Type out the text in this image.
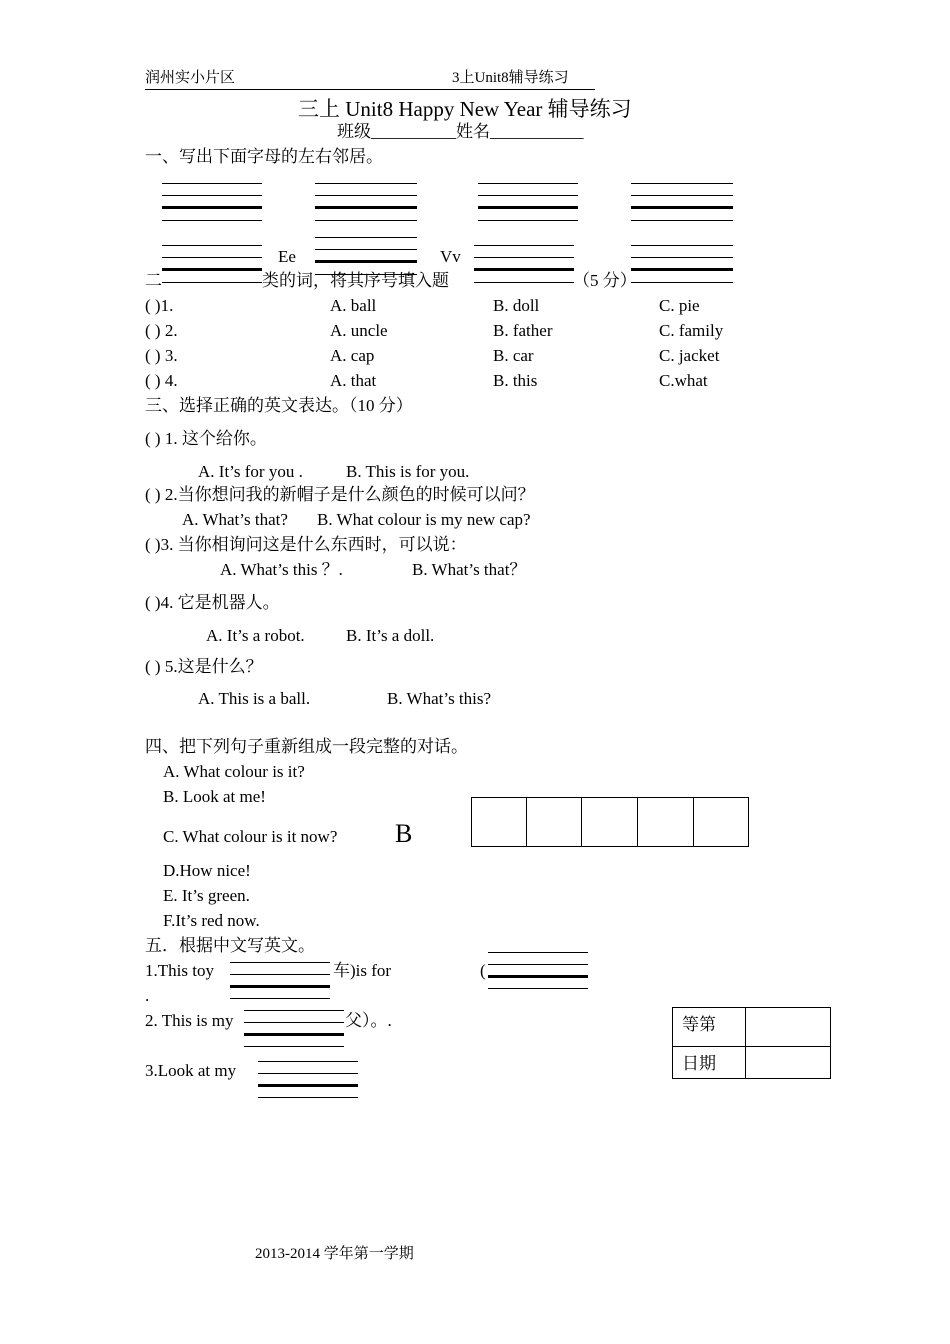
润州实小片区	3上Unit8辅导练习
三上 Unit8 Happy New Year 辅导练习
班级__________姓名___________
一、写出下面字母的左右邻居。
Ee	Vv
二	类的词，将其序号填入题	（5 分）
( )1.	A. ball	B. doll	C. pie
( ) 2.	A. uncle	B. father	C. family
( ) 3.	A. cap	B. car	C. jacket
( ) 4.	A. that	B. this	C.what
三、选择正确的英文表达。（10 分）
( ) 1. 这个给你。
A. It’s for you .	B. This is for you.
( ) 2.当你想问我的新帽子是什么颜色的时候可以问？
A. What’s that? B. What colour is my new cap?
( )3. 当你相询问这是什么东西时，可以说：
A. What’s this ？.	B. What’s that？
( )4. 它是机器人。
A. It’s a robot. B. It’s a doll.
( ) 5.这是什么？
A. This is a ball.	B. What’s this?
四、把下列句子重新组成一段完整的对话。
A. What colour is it?
B. Look at me!
C. What colour is it now? B
D.How nice!
E. It’s green.
F.It’s red now.
五．根据中文写英文。
1.This toy	车)is for	(
.
2. This is my	父）。.
3.Look at my
等第
日期
2013-2014 学年第一学期
